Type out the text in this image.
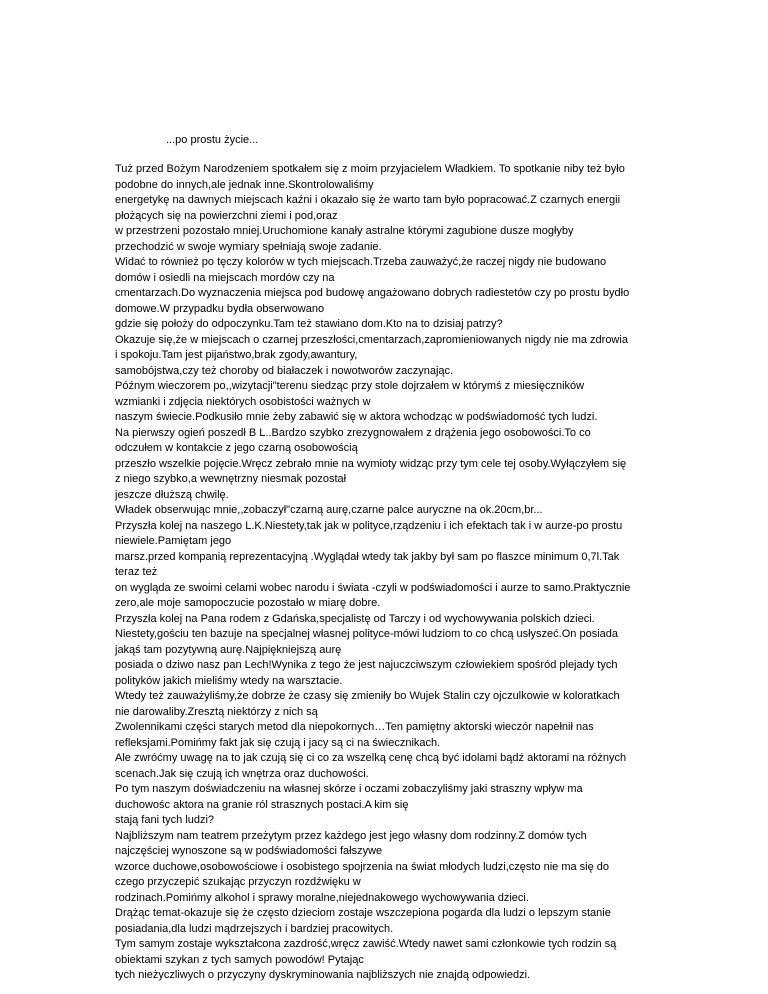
...po prostu życie...
Tuż przed Bożym Narodzeniem spotkałem się z moim przyjacielem Władkiem. To spotkanie niby też było
podobne do innych,ale jednak inne.Skontrolowaliśmy
energetykę na dawnych miejscach kaźni i okazało się że warto tam było popracować.Z czarnych energii
płożących się na powierzchni ziemi i pod,oraz
w przestrzeni pozostało mniej.Uruchomione kanały astralne którymi zagubione dusze mogłyby
przechodzić w swoje wymiary spełniają swoje zadanie.
Widać to również po tęczy kolorów w tych miejscach.Trzeba zauważyć,że raczej nigdy nie budowano
domów i osiedli na miejscach mordów czy na
cmentarzach.Do wyznaczenia miejsca pod budowę angażowano dobrych radiestetów czy po prostu bydło
domowe.W przypadku bydła obserwowano
gdzie się położy do odpoczynku.Tam też stawiano dom.Kto na to dzisiaj patrzy?
Okazuje się,że w miejscach o czarnej przeszłości,cmentarzach,zapromieniowanych nigdy nie ma zdrowia
i spokoju.Tam jest pijaństwo,brak zgody,awantury,
samobójstwa,czy też choroby od białaczek i nowotworów zaczynając.
Późnym wieczorem po,,wizytacji"terenu siedząc przy stole dojrzałem w którymś z miesięczników
wzmianki i zdjęcia niektórych osobistości ważnych w
naszym świecie.Podkusiło mnie żeby zabawić się w aktora wchodząc w podświadomość tych ludzi.
Na pierwszy ogień poszedł B L..Bardzo szybko zrezygnowałem z drążenia jego osobowości.To co
odczułem w kontakcie z jego czarną osobowością
przeszło wszelkie pojęcie.Wręcz zebrało mnie na wymioty widząc przy tym cele tej osoby.Wyłączyłem się
z niego szybko,a wewnętrzny niesmak pozostał
jeszcze dłuższą chwilę.
Władek obserwując mnie,,zobaczył"czarną aurę,czarne palce auryczne na ok.20cm,br...
Przyszła kolej na naszego L.K.Niestety,tak jak w polityce,rządzeniu i ich efektach tak i w aurze-po prostu
niewiele.Pamiętam jego
marsz.przed kompanią reprezentacyjną .Wyglądał wtedy tak jakby był sam po flaszce minimum 0,7l.Tak
teraz też
on wygląda ze swoimi celami wobec narodu i świata -czyli w podświadomości i aurze to samo.Praktycznie
zero,ale moje samopoczucie pozostało w miarę dobre.
Przyszła kolej na Pana rodem z Gdańska,specjalistę od Tarczy i od wychowywania polskich dzieci.
Niestety,gościu ten bazuje na specjalnej własnej polityce-mówi ludziom to co chcą usłyszeć.On posiada
jakąś tam pozytywną aurę.Najpiękniejszą aurę
posiada o dziwo nasz pan Lech!Wynika z tego że jest najuczciwszym człowiekiem spośród plejady tych
polityków jakich mieliśmy wtedy na warsztacie.
Wtedy też zauważyliśmy,że dobrze że czasy się zmieniły bo Wujek Stalin czy ojczulkowie w koloratkach
nie darowaliby.Zresztą niektórzy z nich są
Zwolennikami części starych metod dla niepokornych…Ten pamiętny aktorski wieczór napełnił nas
refleksjami.Pomińmy fakt jak się czują i jacy są ci na świecznikach.
Ale zwróćmy uwagę na to jak czują się ci co za wszelką cenę chcą być idolami bądź aktorami na różnych
scenach.Jak się czują ich wnętrza oraz duchowości.
Po tym naszym doświadczeniu na własnej skórze i oczami zobaczyliśmy jaki straszny wpływ ma
duchowośc aktora na granie ról strasznych postaci.A kim się
stają fani tych ludzi?
Najbliższym nam teatrem przeżytym przez każdego jest jego własny dom rodzinny.Z domów tych
najczęściej wynoszone są w podświadomości fałszywe
wzorce duchowe,osobowościowe i osobistego spojrzenia na świat młodych ludzi,często nie ma się do
czego przyczepić szukając przyczyn rozdźwięku w
rodzinach.Pomińmy alkohol i sprawy moralne,niejednakowego wychowywania dzieci.
Drążąc temat-okazuje się że często dzieciom zostaje wszczepiona pogarda dla ludzi o lepszym stanie
posiadania,dla ludzi mądrzejszych i bardziej pracowitych.
Tym samym zostaje wykształcona zazdrość,wręcz zawiść.Wtedy nawet sami członkowie tych rodzin są
obiektami szykan z tych samych powodów! Pytając
tych nieżyczliwych o przyczyny dyskryminowania najbliższych nie znajdą odpowiedzi.
